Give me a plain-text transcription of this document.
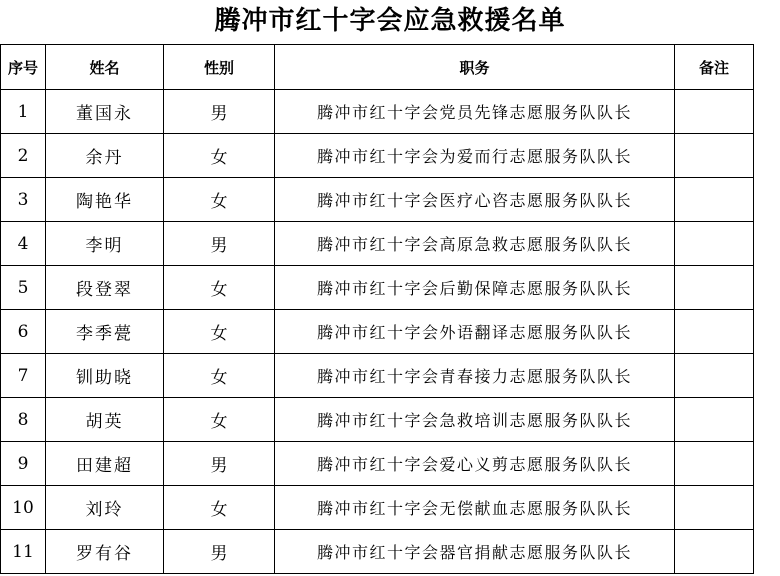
腾冲市红十字会应急救援名单
序号	姓名	性别	职务	备注
1	董国永	男	腾冲市红十字会党员先锋志愿服务队队长	
2	余丹	女	腾冲市红十字会为爱而行志愿服务队队长	
3	陶艳华	女	腾冲市红十字会医疗心咨志愿服务队队长	
4	李明	男	腾冲市红十字会高原急救志愿服务队队长	
5	段登翠	女	腾冲市红十字会后勤保障志愿服务队队长	
6	李季甍	女	腾冲市红十字会外语翻译志愿服务队队长	
7	钏助晓	女	腾冲市红十字会青春接力志愿服务队队长	
8	胡英	女	腾冲市红十字会急救培训志愿服务队队长	
9	田建超	男	腾冲市红十字会爱心义剪志愿服务队队长	
10	刘玲	女	腾冲市红十字会无偿献血志愿服务队队长	
11	罗有谷	男	腾冲市红十字会器官捐献志愿服务队队长	
